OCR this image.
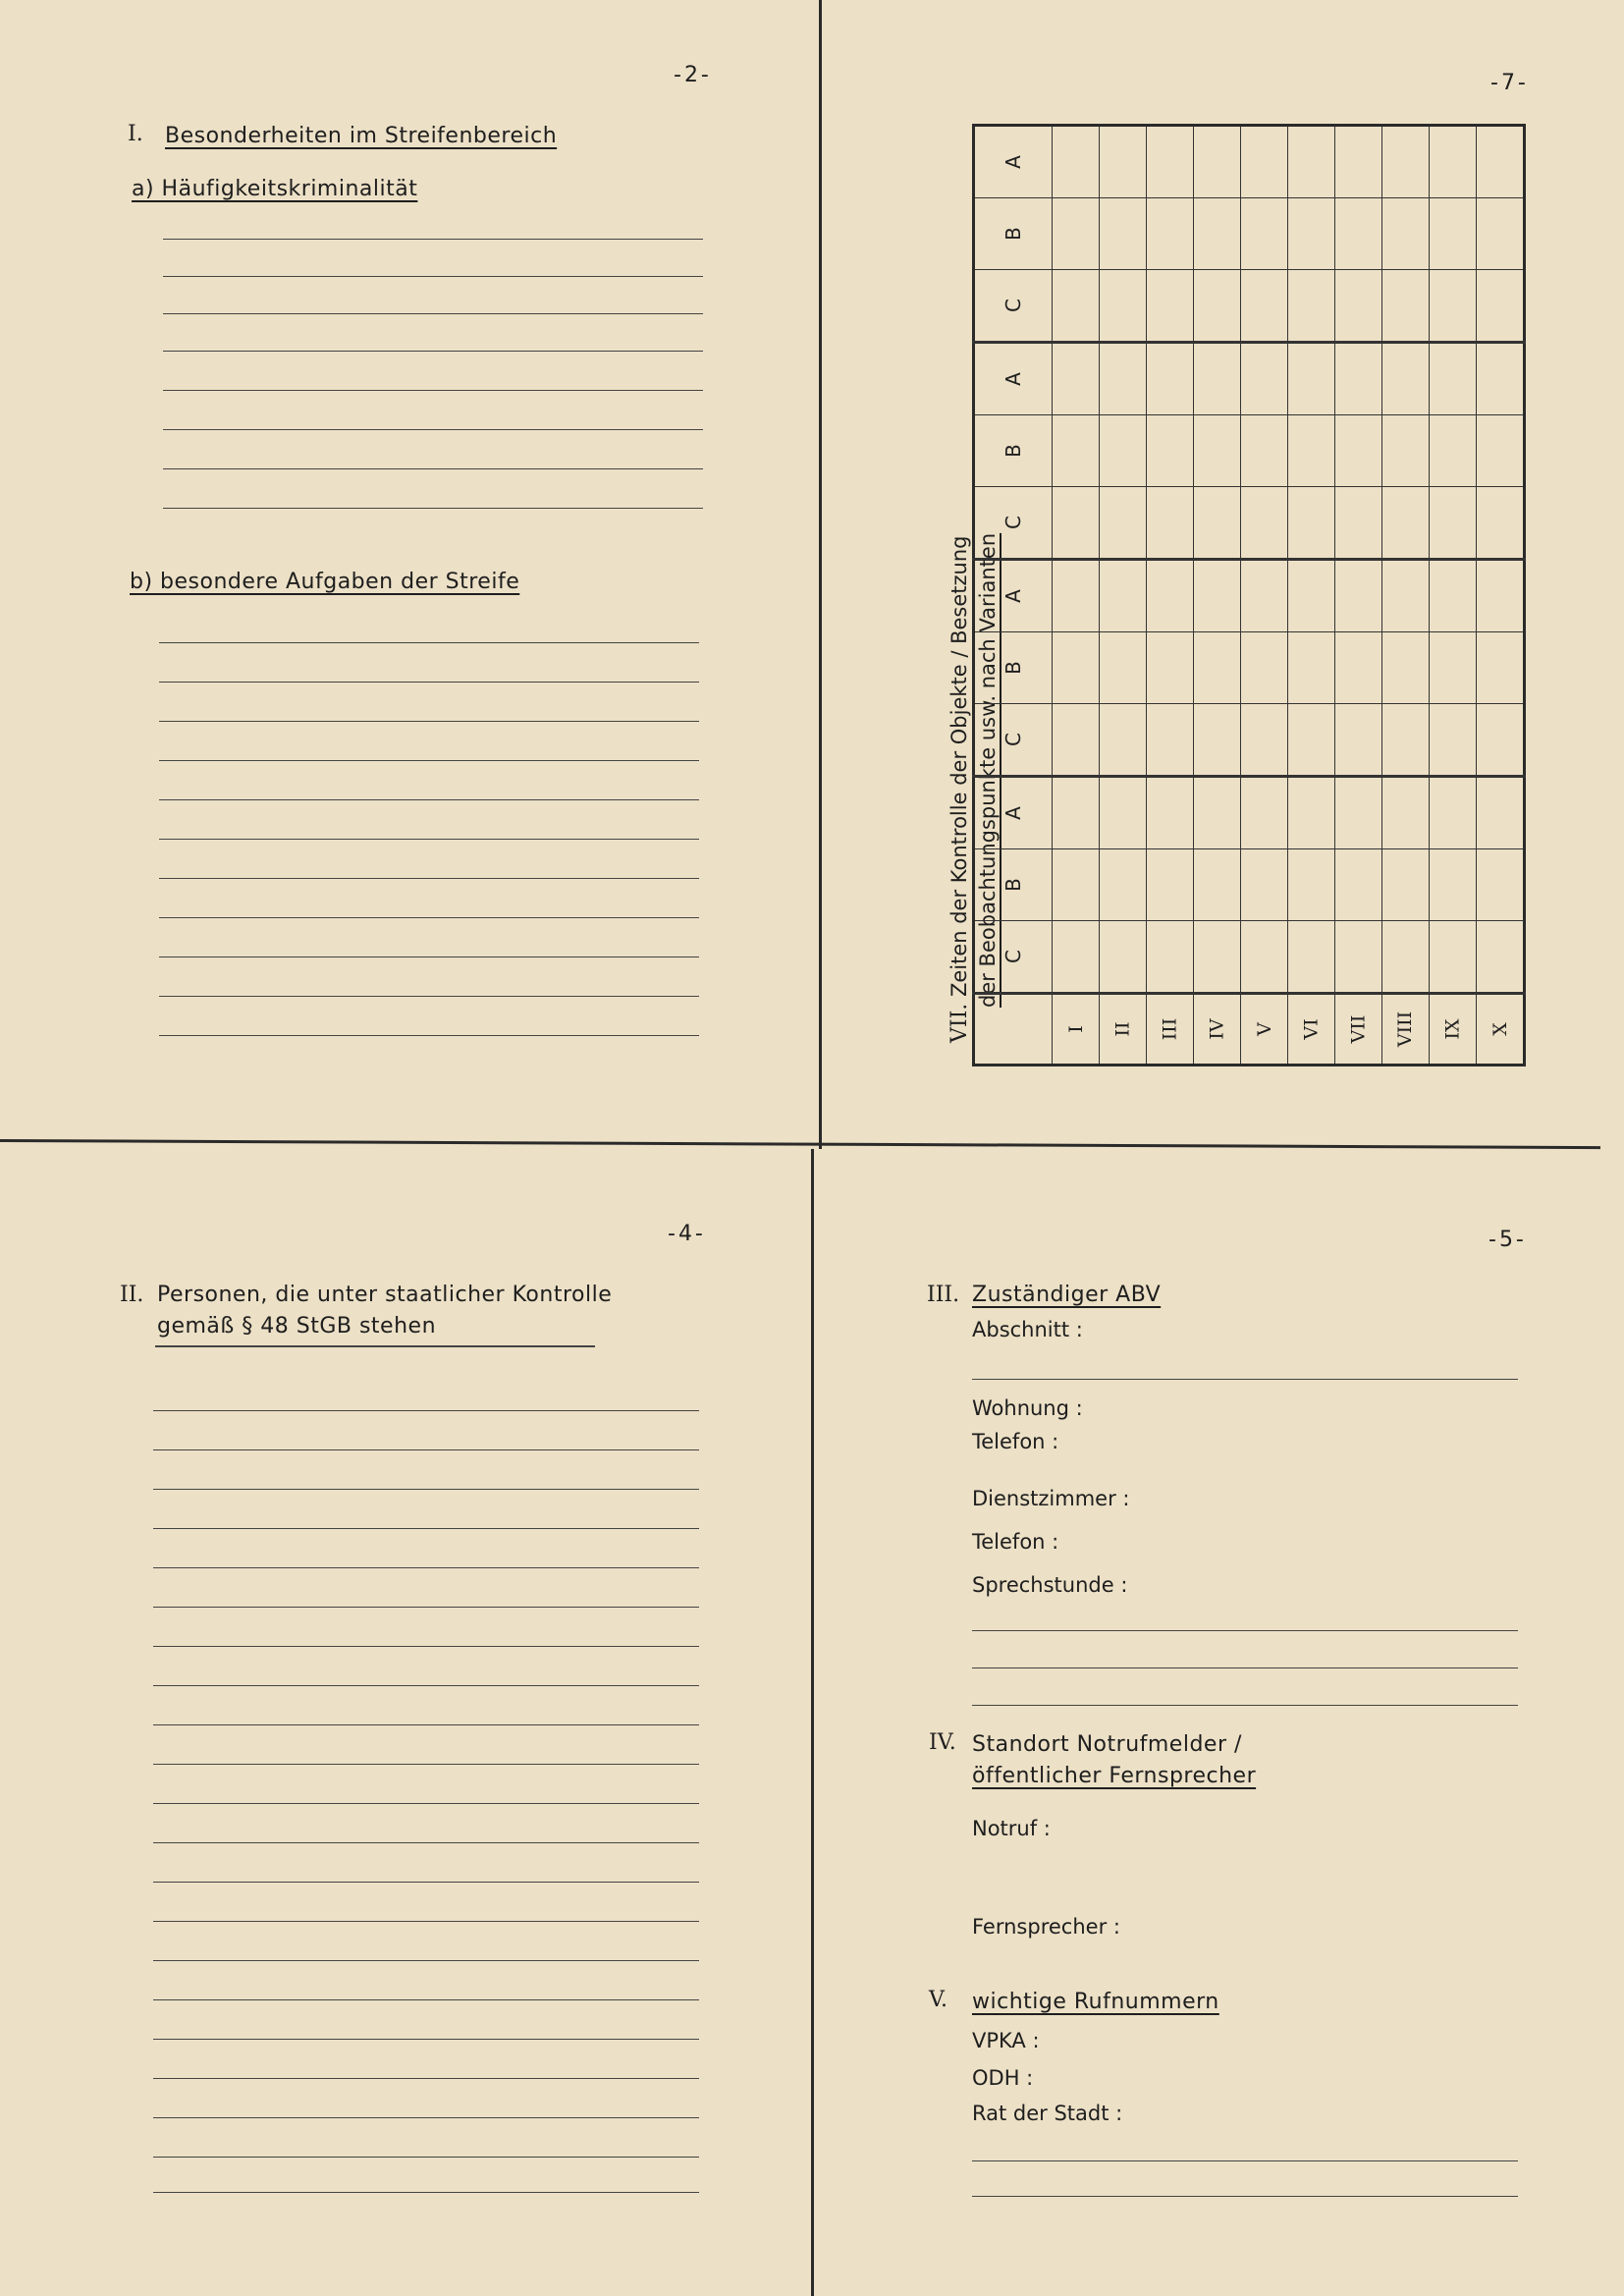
-2-
I. Besonderheiten im Streifenbereich
a) Häufigkeitskriminalität
b) besondere Aufgaben der Streife
-7-
VII. Zeiten der Kontrolle der Objekte / Besetzung der Beobachtungspunkte usw. nach Varianten
A										
B										
C										
A										
B										
C										
A										
B										
C										
A										
B										
C										
	I	II	III	IV	V	VI	VII	VIII	IX	X
-4-
II. Personen, die unter staatlicher Kontrolle
gemäß § 48 StGB stehen
-5-
III. Zuständiger ABV
Abschnitt :
Wohnung :
Telefon :
Dienstzimmer :
Telefon :
Sprechstunde :
IV. Standort Notrufmelder /
öffentlicher Fernsprecher
Notruf :
Fernsprecher :
V. wichtige Rufnummern
VPKA :
ODH :
Rat der Stadt :
